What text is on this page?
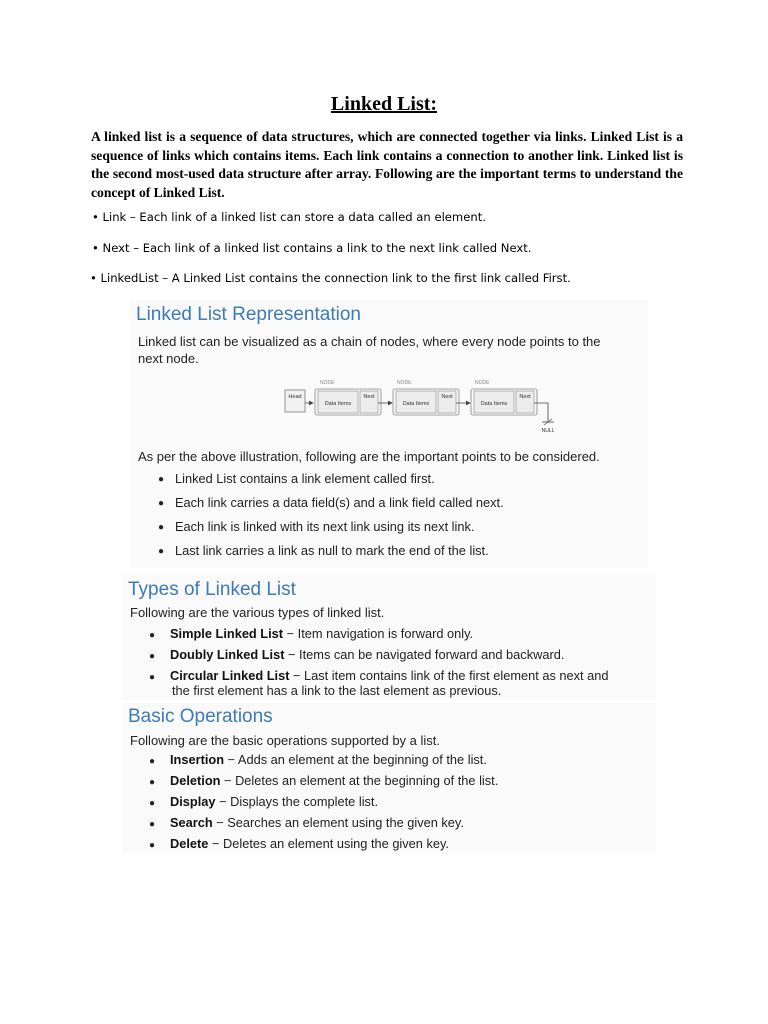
Linked List:
A linked list is a sequence of data structures, which are connected together via links. Linked List is a sequence of links which contains items. Each link contains a connection to another link. Linked list is the second most-used data structure after array. Following are the important terms to understand the concept of Linked List.
• Link – Each link of a linked list can store a data called an element.
• Next – Each link of a linked list contains a link to the next link called Next.
• LinkedList – A Linked List contains the connection link to the first link called First.
Linked List Representation
Linked list can be visualized as a chain of nodes, where every node points to the
next node.
Head
NODE
Data Items
Next
NODE
Data Items
Next
NODE
Data Items
Next
NULL
As per the above illustration, following are the important points to be considered.
● Linked List contains a link element called first.
● Each link carries a data field(s) and a link field called next.
● Each link is linked with its next link using its next link.
● Last link carries a link as null to mark the end of the list.
Types of Linked List
Following are the various types of linked list.
● Simple Linked List − Item navigation is forward only.
● Doubly Linked List − Items can be navigated forward and backward.
● Circular Linked List − Last item contains link of the first element as next and
the first element has a link to the last element as previous.
Basic Operations
Following are the basic operations supported by a list.
● Insertion − Adds an element at the beginning of the list.
● Deletion − Deletes an element at the beginning of the list.
● Display − Displays the complete list.
● Search − Searches an element using the given key.
● Delete − Deletes an element using the given key.
